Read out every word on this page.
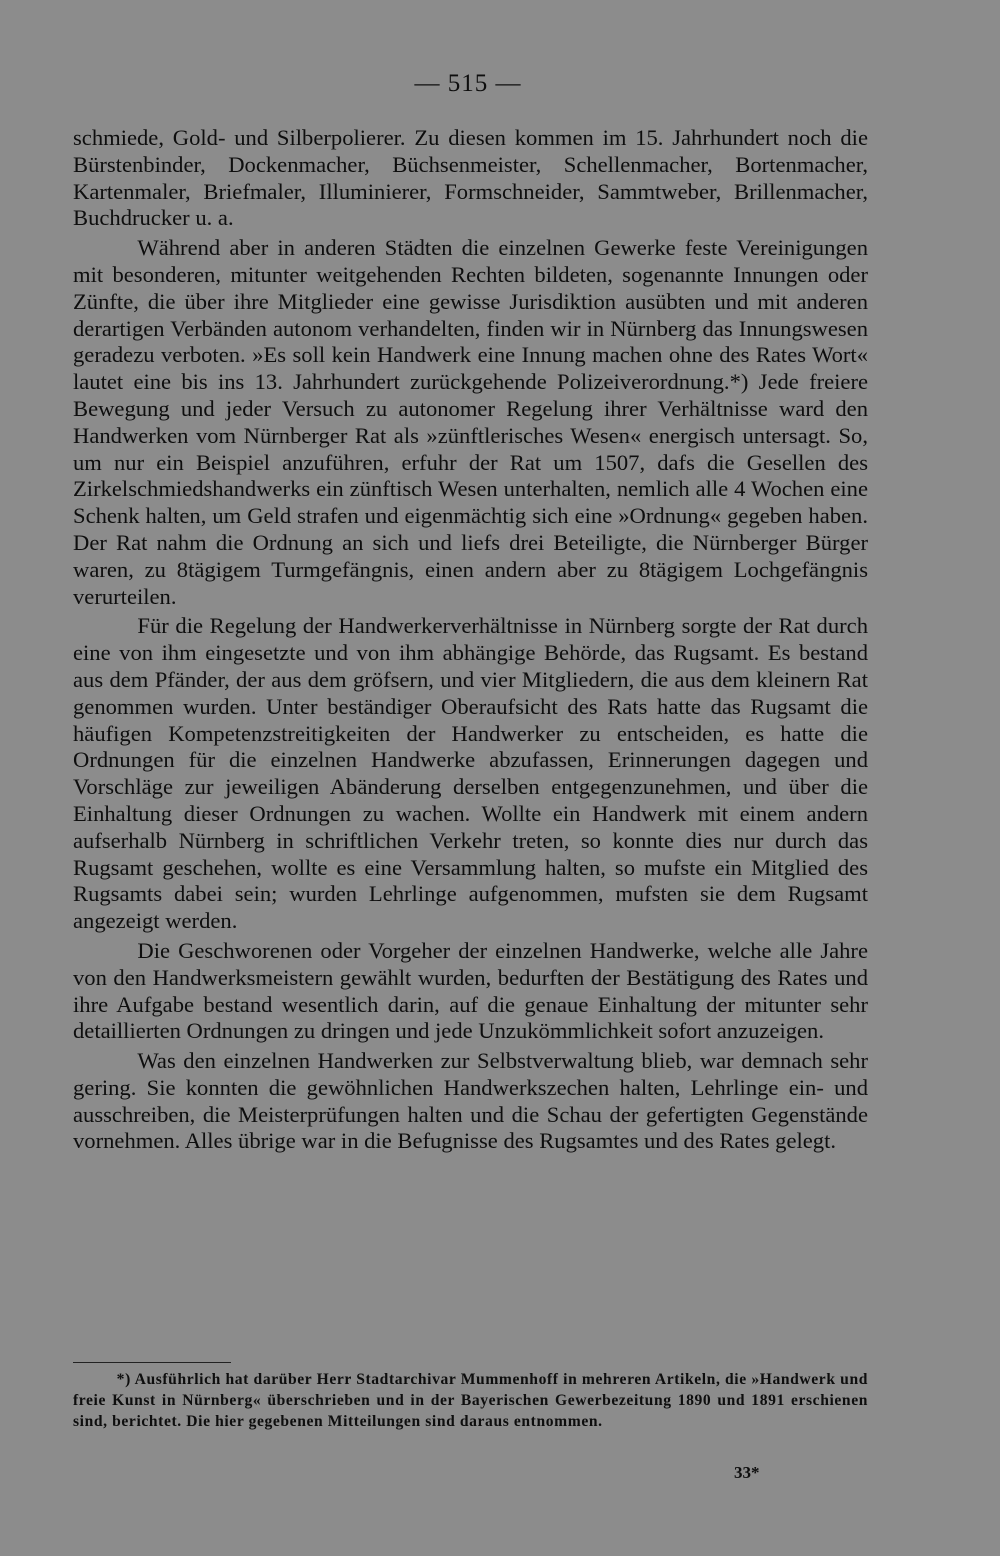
— 515 —

schmiede, Gold- und Silberpolierer. Zu diesen kommen im 15. Jahrhundert noch die Bürstenbinder, Dockenmacher, Büchsenmeister, Schellenmacher, Bortenmacher, Kartenmaler, Briefmaler, Illuminierer, Formschneider, Sammtweber, Brillenmacher, Buchdrucker u. a.

Während aber in anderen Städten die einzelnen Gewerke feste Vereinigungen mit besonderen, mitunter weitgehenden Rechten bildeten, sogenannte Innungen oder Zünfte, die über ihre Mitglieder eine gewisse Jurisdiktion ausübten und mit anderen derartigen Verbänden autonom verhandelten, finden wir in Nürnberg das Innungswesen geradezu verboten. »Es soll kein Handwerk eine Innung machen ohne des Rates Wort« lautet eine bis ins 13. Jahrhundert zurückgehende Polizeiverordnung.*) Jede freiere Bewegung und jeder Versuch zu autonomer Regelung ihrer Verhältnisse ward den Handwerken vom Nürnberger Rat als »zünftlerisches Wesen« energisch untersagt. So, um nur ein Beispiel anzuführen, erfuhr der Rat um 1507, dafs die Gesellen des Zirkelschmiedshandwerks ein zünftisch Wesen unterhalten, nemlich alle 4 Wochen eine Schenk halten, um Geld strafen und eigenmächtig sich eine »Ordnung« gegeben haben. Der Rat nahm die Ordnung an sich und liefs drei Beteiligte, die Nürnberger Bürger waren, zu 8tägigem Turmgefängnis, einen andern aber zu 8tägigem Lochgefängnis verurteilen.

Für die Regelung der Handwerkerverhältnisse in Nürnberg sorgte der Rat durch eine von ihm eingesetzte und von ihm abhängige Behörde, das Rugsamt. Es bestand aus dem Pfänder, der aus dem gröfsern, und vier Mitgliedern, die aus dem kleinern Rat genommen wurden. Unter beständiger Oberaufsicht des Rats hatte das Rugsamt die häufigen Kompetenzstreitigkeiten der Handwerker zu entscheiden, es hatte die Ordnungen für die einzelnen Handwerke abzufassen, Erinnerungen dagegen und Vorschläge zur jeweiligen Abänderung derselben entgegenzunehmen, und über die Einhaltung dieser Ordnungen zu wachen. Wollte ein Handwerk mit einem andern aufserhalb Nürnberg in schriftlichen Verkehr treten, so konnte dies nur durch das Rugsamt geschehen, wollte es eine Versammlung halten, so mufste ein Mitglied des Rugsamts dabei sein; wurden Lehrlinge aufgenommen, mufsten sie dem Rugsamt angezeigt werden.

Die Geschworenen oder Vorgeher der einzelnen Handwerke, welche alle Jahre von den Handwerksmeistern gewählt wurden, bedurften der Bestätigung des Rates und ihre Aufgabe bestand wesentlich darin, auf die genaue Einhaltung der mitunter sehr detaillierten Ordnungen zu dringen und jede Unzukömmlichkeit sofort anzuzeigen.

Was den einzelnen Handwerken zur Selbstverwaltung blieb, war demnach sehr gering. Sie konnten die gewöhnlichen Handwerkszechen halten, Lehrlinge ein- und ausschreiben, die Meisterprüfungen halten und die Schau der gefertigten Gegenstände vornehmen. Alles übrige war in die Befugnisse des Rugsamtes und des Rates gelegt.

*) Ausführlich hat darüber Herr Stadtarchivar Mummenhoff in mehreren Artikeln, die »Handwerk und freie Kunst in Nürnberg« überschrieben und in der Bayerischen Gewerbezeitung 1890 und 1891 erschienen sind, berichtet. Die hier gegebenen Mitteilungen sind daraus entnommen.

33*
